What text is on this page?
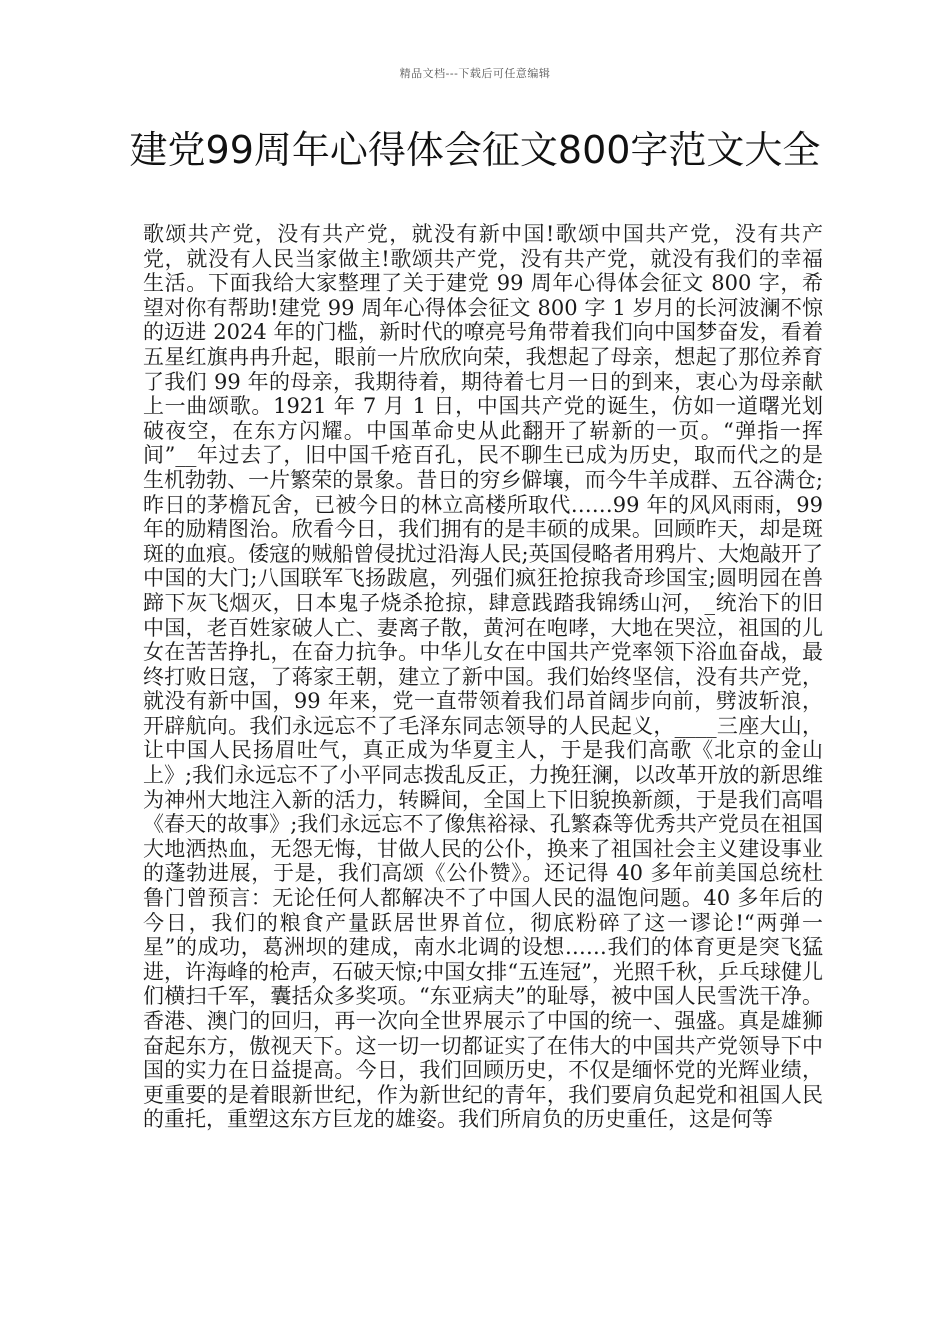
精品文档---下载后可任意编辑
建党99周年心得体会征文800字范文大全

歌颂共产党，没有共产党，就没有新中国!歌颂中国共产党，没有共产党，就没有人民当家做主!歌颂共产党，没有共产党，就没有我们的幸福生活。下面我给大家整理了关于建党 99 周年心得体会征文 800 字，希望对你有帮助!建党 99 周年心得体会征文 800 字 1 岁月的长河波澜不惊的迈进 2024 年的门槛，新时代的嘹亮号角带着我们向中国梦奋发，看着五星红旗冉冉升起，眼前一片欣欣向荣，我想起了母亲，想起了那位养育了我们 99 年的母亲，我期待着，期待着七月一日的到来，衷心为母亲献上一曲颂歌。1921 年 7 月 1 日，中国共产党的诞生，仿如一道曙光划破夜空，在东方闪耀。中国革命史从此翻开了崭新的一页。“弹指一挥间”__年过去了，旧中国千疮百孔，民不聊生已成为历史，取而代之的是生机勃勃、一片繁荣的景象。昔日的穷乡僻壤，而今牛羊成群、五谷满仓;昨日的茅檐瓦舍，已被今日的林立高楼所取代……99 年的风风雨雨，99 年的励精图治。欣看今日，我们拥有的是丰硕的成果。回顾昨天，却是斑斑的血痕。倭寇的贼船曾侵扰过沿海人民;英国侵略者用鸦片、大炮敲开了中国的大门;八国联军飞扬跋扈，列强们疯狂抢掠我奇珍国宝;圆明园在兽蹄下灰飞烟灭，日本鬼子烧杀抢掠，肆意践踏我锦绣山河，_统治下的旧中国，老百姓家破人亡、妻离子散，黄河在咆哮，大地在哭泣，祖国的儿女在苦苦挣扎，在奋力抗争。中华儿女在中国共产党率领下浴血奋战，最终打败日寇，了蒋家王朝，建立了新中国。我们始终坚信，没有共产党，就没有新中国，99 年来，党一直带领着我们昂首阔步向前，劈波斩浪，开辟航向。我们永远忘不了毛泽东同志领导的人民起义，____三座大山，让中国人民扬眉吐气，真正成为华夏主人，于是我们高歌《北京的金山上》;我们永远忘不了小平同志拨乱反正，力挽狂澜，以改革开放的新思维为神州大地注入新的活力，转瞬间，全国上下旧貌换新颜，于是我们高唱《春天的故事》;我们永远忘不了像焦裕禄、孔繁森等优秀共产党员在祖国大地洒热血，无怨无悔，甘做人民的公仆，换来了祖国社会主义建设事业的蓬勃进展，于是，我们高颂《公仆赞》。还记得 40 多年前美国总统杜鲁门曾预言：无论任何人都解决不了中国人民的温饱问题。40 多年后的今日，我们的粮食产量跃居世界首位，彻底粉碎了这一谬论!“两弹一星”的成功，葛洲坝的建成，南水北调的设想……我们的体育更是突飞猛进，许海峰的枪声，石破天惊;中国女排“五连冠”，光照千秋，乒乓球健儿们横扫千军，囊括众多奖项。“东亚病夫”的耻辱，被中国人民雪洗干净。香港、澳门的回归，再一次向全世界展示了中国的统一、强盛。真是雄狮奋起东方，傲视天下。这一切一切都证实了在伟大的中国共产党领导下中国的实力在日益提高。今日，我们回顾历史，不仅是缅怀党的光辉业绩，更重要的是着眼新世纪，作为新世纪的青年，我们要肩负起党和祖国人民的重托，重塑这东方巨龙的雄姿。我们所肩负的历史重任，这是何等
